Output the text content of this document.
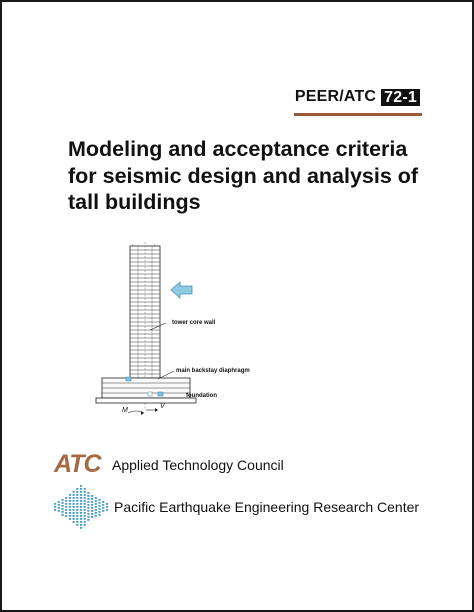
PEER/ATC 72-1
Modeling and acceptance criteria
for seismic design and analysis of
tall buildings
x	x
tower core wall
main backstay diaphragm
foundation
M
V
ATC Applied Technology Council
Pacific Earthquake Engineering Research Center
